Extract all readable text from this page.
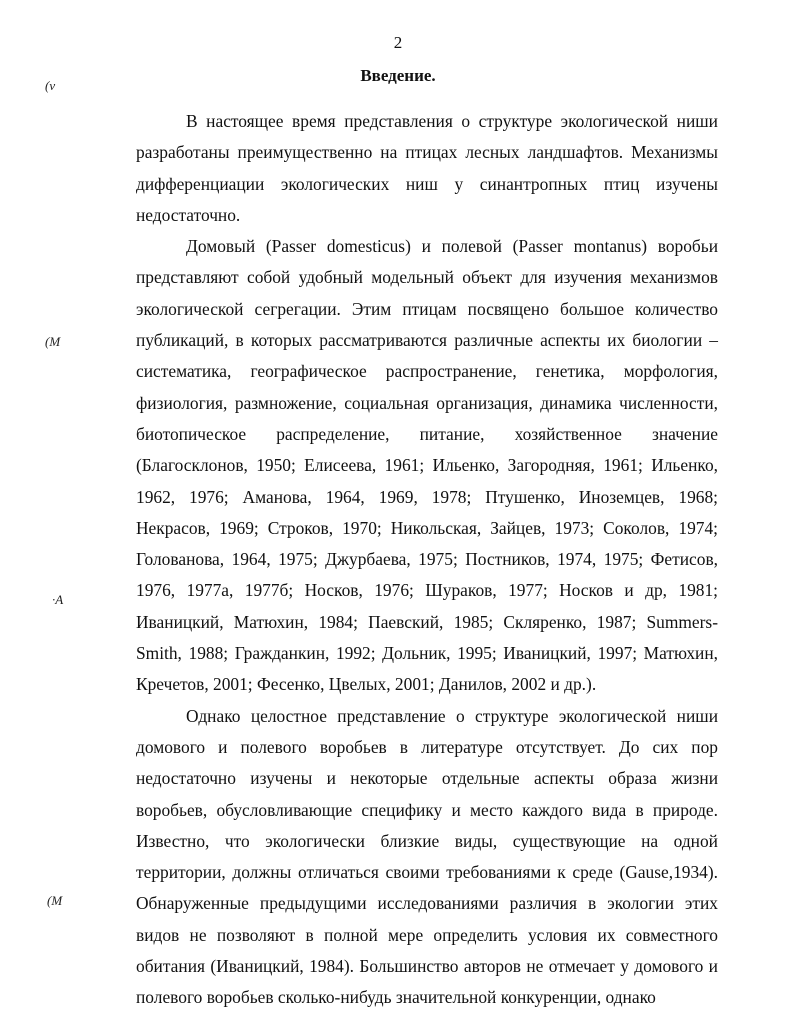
2
Введение.
(v
(M
·A
(M

В настоящее время представления о структуре экологической ниши разработаны преимущественно на птицах лесных ландшафтов. Механизмы дифференциации экологических ниш у синантропных птиц изучены недостаточно.

Домовый (Passer domesticus) и полевой (Passer montanus) воробьи представляют собой удобный модельный объект для изучения механизмов экологической сегрегации. Этим птицам посвящено большое количество публикаций, в которых рассматриваются различные аспекты их биологии – систематика, географическое распространение, генетика, морфология, физиология, размножение, социальная организация, динамика численности, биотопическое распределение, питание, хозяйственное значение (Благосклонов, 1950; Елисеева, 1961; Ильенко, Загородняя, 1961; Ильенко, 1962, 1976; Аманова, 1964, 1969, 1978; Птушенко, Иноземцев, 1968; Некрасов, 1969; Строков, 1970; Никольская, Зайцев, 1973; Соколов, 1974; Голованова, 1964, 1975; Джурбаева, 1975; Постников, 1974, 1975; Фетисов, 1976, 1977а, 1977б; Носков, 1976; Шураков, 1977; Носков и др, 1981; Иваницкий, Матюхин, 1984; Паевский, 1985; Скляренко, 1987; Summers-Smith, 1988; Гражданкин, 1992; Дольник, 1995; Иваницкий, 1997; Матюхин, Кречетов, 2001; Фесенко, Цвелых, 2001; Данилов, 2002 и др.).

Однако целостное представление о структуре экологической ниши домового и полевого воробьев в литературе отсутствует. До сих пор недостаточно изучены и некоторые отдельные аспекты образа жизни воробьев, обусловливающие специфику и место каждого вида в природе. Известно, что экологически близкие виды, существующие на одной территории, должны отличаться своими требованиями к среде (Gause,1934). Обнаруженные предыдущими исследованиями различия в экологии этих видов не позволяют в полной мере определить условия их совместного обитания (Иваницкий, 1984). Большинство авторов не отмечает у домового и полевого воробьев сколько-нибудь значительной конкуренции, однако
